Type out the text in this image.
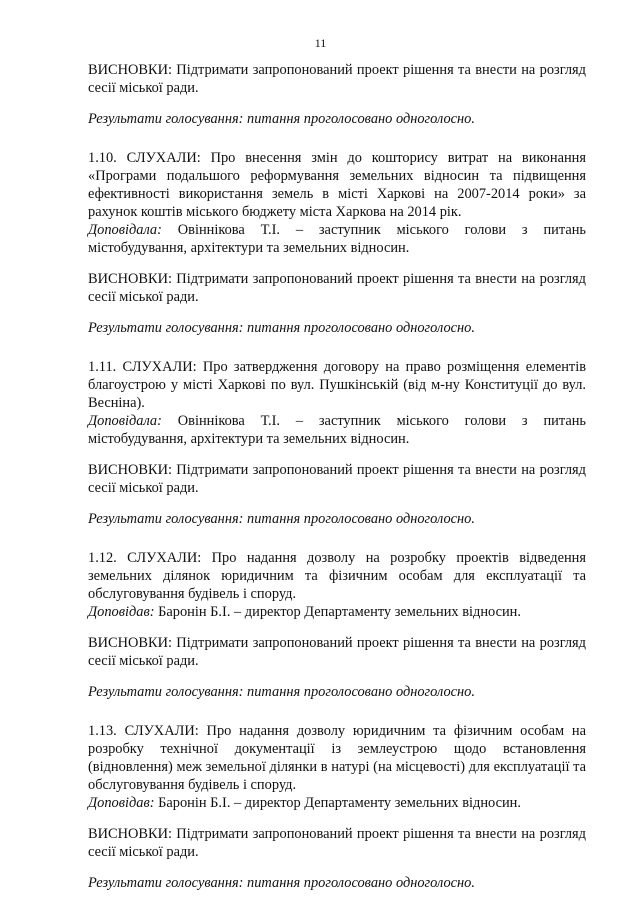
11

ВИСНОВКИ: Підтримати запропонований проект рішення та внести на розгляд сесії міської ради.

Результати голосування: питання проголосовано одноголосно.

1.10. СЛУХАЛИ: Про внесення змін до кошторису витрат на виконання «Програми подальшого реформування земельних відносин та підвищення ефективності використання земель в місті Харкові на 2007-2014 роки» за рахунок коштів міського бюджету міста Харкова на 2014 рік.

Доповідала: Овіннікова Т.І. – заступник міського голови з питань містобудування, архітектури та земельних відносин.

ВИСНОВКИ: Підтримати запропонований проект рішення та внести на розгляд сесії міської ради.

Результати голосування: питання проголосовано одноголосно.

1.11. СЛУХАЛИ: Про затвердження договору на право розміщення елементів благоустрою у місті Харкові по вул. Пушкінській (від м-ну Конституції до вул. Весніна).

Доповідала: Овіннікова Т.І. – заступник міського голови з питань містобудування, архітектури та земельних відносин.

ВИСНОВКИ: Підтримати запропонований проект рішення та внести на розгляд сесії міської ради.

Результати голосування: питання проголосовано одноголосно.

1.12. СЛУХАЛИ: Про надання дозволу на розробку проектів відведення земельних ділянок юридичним та фізичним особам для експлуатації та обслуговування будівель і споруд.

Доповідав: Баронін Б.І. – директор Департаменту земельних відносин.

ВИСНОВКИ: Підтримати запропонований проект рішення та внести на розгляд сесії міської ради.

Результати голосування: питання проголосовано одноголосно.

1.13. СЛУХАЛИ: Про надання дозволу юридичним та фізичним особам на розробку технічної документації із землеустрою щодо встановлення (відновлення) меж земельної ділянки в натурі (на місцевості) для експлуатації та обслуговування будівель і споруд.

Доповідав: Баронін Б.І. – директор Департаменту земельних відносин.

ВИСНОВКИ: Підтримати запропонований проект рішення та внести на розгляд сесії міської ради.

Результати голосування: питання проголосовано одноголосно.
